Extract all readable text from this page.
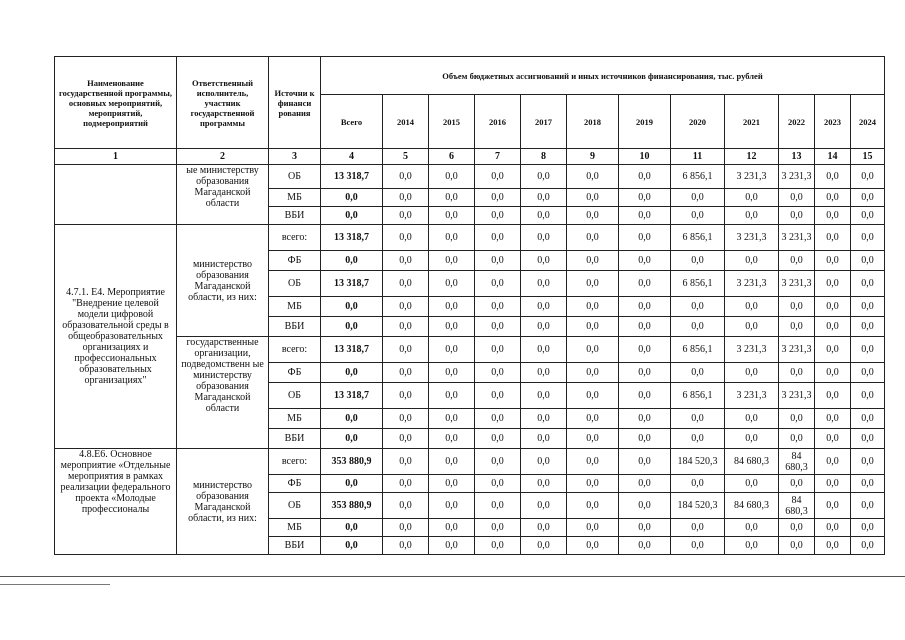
Наименование государственной программы, основных мероприятий, мероприятий, подмероприятий	Ответственный исполнитель, участник государственной программы	Источни к финанси рования	Объем бюджетных ассигнований и иных источников финансирования, тыс. рублей											
			Всего	2014	2015	2016	2017	2018	2019	2020	2021	2022	2023	2024
1	2	3	4	5	6	7	8	9	10	11	12	13	14	15
	ые министерству образования Магаданской области	ОБ	13 318,7	0,0	0,0	0,0	0,0	0,0	0,0	6 856,1	3 231,3	3 231,3	0,0	0,0
		МБ	0,0	0,0	0,0	0,0	0,0	0,0	0,0	0,0	0,0	0,0	0,0	0,0
		ВБИ	0,0	0,0	0,0	0,0	0,0	0,0	0,0	0,0	0,0	0,0	0,0	0,0
4.7.1. Е4. Мероприятие "Внедрение целевой модели цифровой образовательной среды в общеобразовательных организациях и профессиональных образовательных организациях"	министерство образования Магаданской области, из них:	всего:	13 318,7	0,0	0,0	0,0	0,0	0,0	0,0	6 856,1	3 231,3	3 231,3	0,0	0,0
		ФБ	0,0	0,0	0,0	0,0	0,0	0,0	0,0	0,0	0,0	0,0	0,0	0,0
		ОБ	13 318,7	0,0	0,0	0,0	0,0	0,0	0,0	6 856,1	3 231,3	3 231,3	0,0	0,0
		МБ	0,0	0,0	0,0	0,0	0,0	0,0	0,0	0,0	0,0	0,0	0,0	0,0
		ВБИ	0,0	0,0	0,0	0,0	0,0	0,0	0,0	0,0	0,0	0,0	0,0	0,0
	государственные организации, подведомственн ые министерству образования Магаданской области	всего:	13 318,7	0,0	0,0	0,0	0,0	0,0	0,0	6 856,1	3 231,3	3 231,3	0,0	0,0
		ФБ	0,0	0,0	0,0	0,0	0,0	0,0	0,0	0,0	0,0	0,0	0,0	0,0
		ОБ	13 318,7	0,0	0,0	0,0	0,0	0,0	0,0	6 856,1	3 231,3	3 231,3	0,0	0,0
		МБ	0,0	0,0	0,0	0,0	0,0	0,0	0,0	0,0	0,0	0,0	0,0	0,0
		ВБИ	0,0	0,0	0,0	0,0	0,0	0,0	0,0	0,0	0,0	0,0	0,0	0,0
4.8.Е6. Основное мероприятие «Отдельные мероприятия в рамках реализации федерального проекта «Молодые профессионалы	министерство образования Магаданской области, из них:	всего:	353 880,9	0,0	0,0	0,0	0,0	0,0	0,0	184 520,3	84 680,3	84 680,3	0,0	0,0
		ФБ	0,0	0,0	0,0	0,0	0,0	0,0	0,0	0,0	0,0	0,0	0,0	0,0
		ОБ	353 880,9	0,0	0,0	0,0	0,0	0,0	0,0	184 520,3	84 680,3	84 680,3	0,0	0,0
		МБ	0,0	0,0	0,0	0,0	0,0	0,0	0,0	0,0	0,0	0,0	0,0	0,0
		ВБИ	0,0	0,0	0,0	0,0	0,0	0,0	0,0	0,0	0,0	0,0	0,0	0,0
